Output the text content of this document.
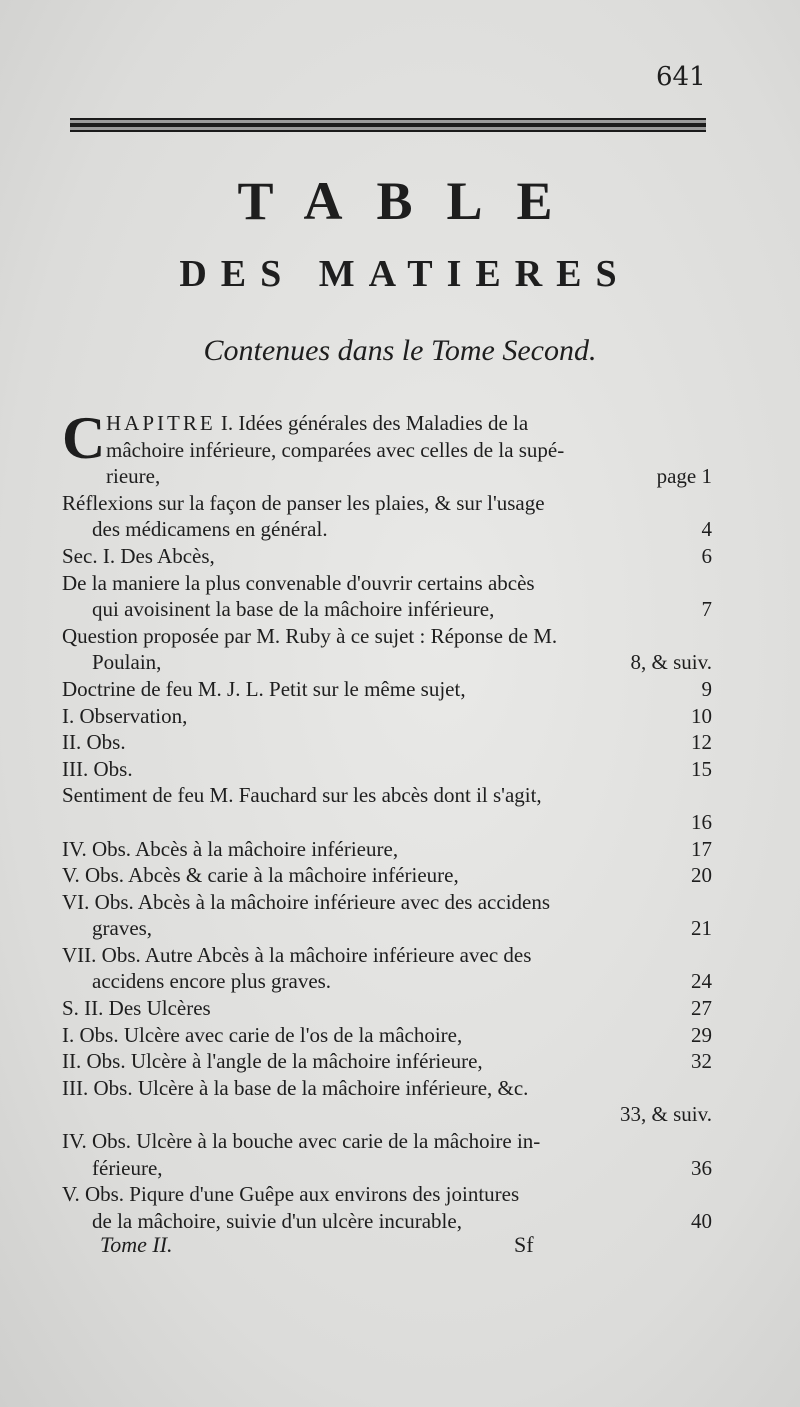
641
TABLE
DES MATIERES
Contenues dans le Tome Second.
C HAPITRE I. Idées générales des Maladies de la
mâchoire inférieure, comparées avec celles de la supé-
rieure,	page 1
Réflexions sur la façon de panser les plaies, & sur l'usage
des médicamens en général.	4
Sec. I. Des Abcès,	6
De la maniere la plus convenable d'ouvrir certains abcès
qui avoisinent la base de la mâchoire inférieure,	7
Question proposée par M. Ruby à ce sujet : Réponse de M.
Poulain,	8, & suiv.
Doctrine de feu M. J. L. Petit sur le même sujet,	9
I. Observation,	10
II. Obs.	12
III. Obs.	15
Sentiment de feu M. Fauchard sur les abcès dont il s'agit,
16
IV. Obs. Abcès à la mâchoire inférieure,	17
V. Obs. Abcès & carie à la mâchoire inférieure,	20
VI. Obs. Abcès à la mâchoire inférieure avec des accidens
graves,	21
VII. Obs. Autre Abcès à la mâchoire inférieure avec des
accidens encore plus graves.	24
S. II. Des Ulcères	27
I. Obs. Ulcère avec carie de l'os de la mâchoire,	29
II. Obs. Ulcère à l'angle de la mâchoire inférieure,	32
III. Obs. Ulcère à la base de la mâchoire inférieure, &c.
33, & suiv.
IV. Obs. Ulcère à la bouche avec carie de la mâchoire in-
férieure,	36
V. Obs. Piqure d'une Guêpe aux environs des jointures
de la mâchoire, suivie d'un ulcère incurable,	40
Tome II.	Sf
